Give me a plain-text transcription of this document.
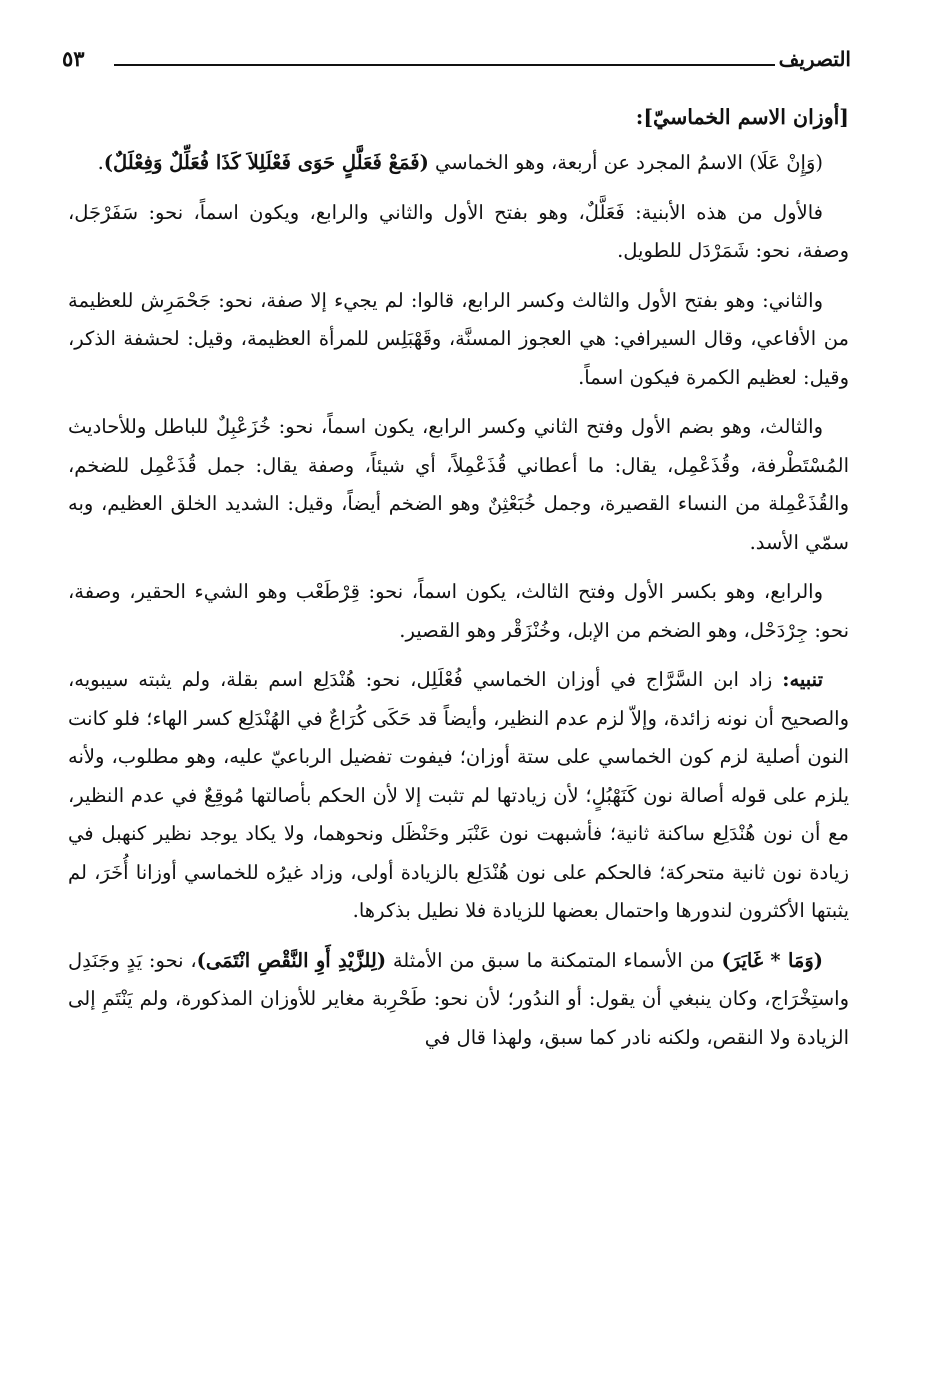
٥٣	التصريف
[أوزان الاسم الخماسيّ]:

(وَإِنْ عَلَا) الاسمُ المجرد عن أربعة، وهو الخماسي (فَمَعْ فَعَلَّلٍ حَوَى فَعْلَلِلاَ كَذَا فُعَلِّلٌ وَفِعْلَلٌ).

فالأول من هذه الأبنية: فَعَلَّلٌ، وهو بفتح الأول والثاني والرابع، ويكون اسماً، نحو: سَفَرْجَل، وصفة، نحو: شَمَرْدَل للطويل.

والثاني: وهو بفتح الأول والثالث وكسر الرابع، قالوا: لم يجيء إلا صفة، نحو: جَحْمَرِش للعظيمة من الأفاعي، وقال السيرافي: هي العجوز المسنَّة، وقَهْبَلِس للمرأة العظيمة، وقيل: لحشفة الذكر، وقيل: لعظيم الكمرة فيكون اسماً.

والثالث، وهو بضم الأول وفتح الثاني وكسر الرابع، يكون اسماً، نحو: خُزَعْبِلٌ للباطل وللأحاديث المُسْتَطْرفة، وقُذَعْمِل، يقال: ما أعطاني قُذَعْمِلاً، أي شيئاً، وصفة يقال: جمل قُذَعْمِل للضخم، والقُذَعْمِلة من النساء القصيرة، وجمل خُبَعْثِنٌ وهو الضخم أيضاً، وقيل: الشديد الخلق العظيم، وبه سمّي الأسد.

والرابع، وهو بكسر الأول وفتح الثالث، يكون اسماً، نحو: قِرْطَعْب وهو الشيء الحقير، وصفة، نحو: جِرْدَحْل، وهو الضخم من الإبل، وخُنْزَقْر وهو القصير.

تنبيه: زاد ابن السَّرَّاج في أوزان الخماسي فُعْلَلِل، نحو: هُنْدَلِع اسم بقلة، ولم يثبته سيبويه، والصحيح أن نونه زائدة، وإلاّ لزم عدم النظير، وأيضاً قد حَكَى كُرَاعٌ في الهُنْدَلِع كسر الهاء؛ فلو كانت النون أصلية لزم كون الخماسي على ستة أوزان؛ فيفوت تفضيل الرباعيّ عليه، وهو مطلوب، ولأنه يلزم على قوله أصالة نون كَنَهْبُلٍ؛ لأن زيادتها لم تثبت إلا لأن الحكم بأصالتها مُوقِعٌ في عدم النظير، مع أن نون هُنْدَلِع ساكنة ثانية؛ فأشبهت نون عَنْبَر وحَنْظَل ونحوهما، ولا يكاد يوجد نظير كنهبل في زيادة نون ثانية متحركة؛ فالحكم على نون هُنْدَلِع بالزيادة أولى، وزاد غيرُه للخماسي أوزانا أُخَرَ، لم يثبتها الأكثرون لندورها واحتمال بعضها للزيادة فلا نطيل بذكرها.

(وَمَا * غَايَرَ) من الأسماء المتمكنة ما سبق من الأمثلة (لِلزَّيْدِ أَوِ النَّقْصِ انْتَمَى)، نحو: يَدٍ وجَنَدِل واستِخْرَاج، وكان ينبغي أن يقول: أو الندُور؛ لأن نحو: طَحْرِبة مغاير للأوزان المذكورة، ولم يَنْتَمِ إلى الزيادة ولا النقص، ولكنه نادر كما سبق، ولهذا قال في
